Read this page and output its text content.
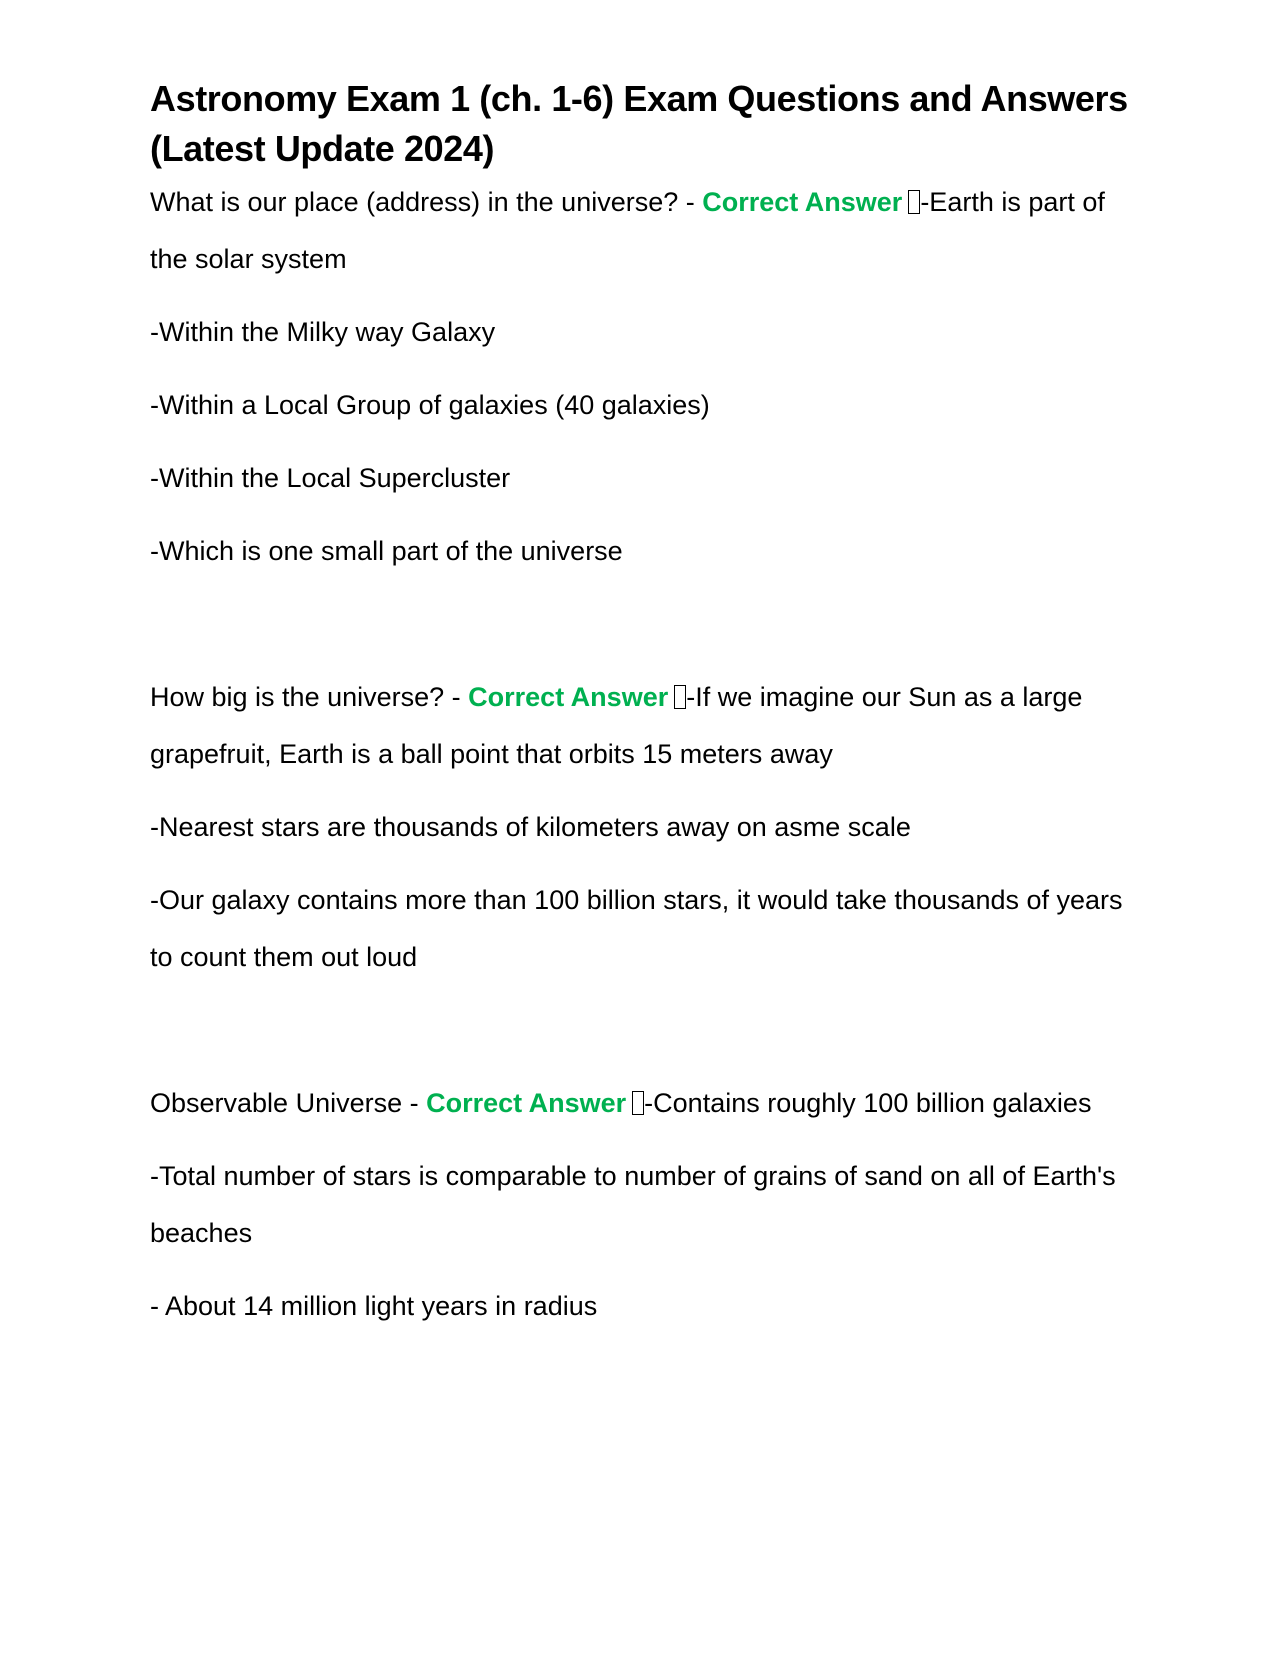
Astronomy Exam 1 (ch. 1-6) Exam Questions and Answers (Latest Update 2024)

What is our place (address) in the universe? - Correct Answer -Earth is part of the solar system

-Within the Milky way Galaxy

-Within a Local Group of galaxies (40 galaxies)

-Within the Local Supercluster

-Which is one small part of the universe

How big is the universe? - Correct Answer -If we imagine our Sun as a large grapefruit, Earth is a ball point that orbits 15 meters away

-Nearest stars are thousands of kilometers away on asme scale

-Our galaxy contains more than 100 billion stars, it would take thousands of years to count them out loud

Observable Universe - Correct Answer -Contains roughly 100 billion galaxies

-Total number of stars is comparable to number of grains of sand on all of Earth's beaches

- About 14 million light years in radius
